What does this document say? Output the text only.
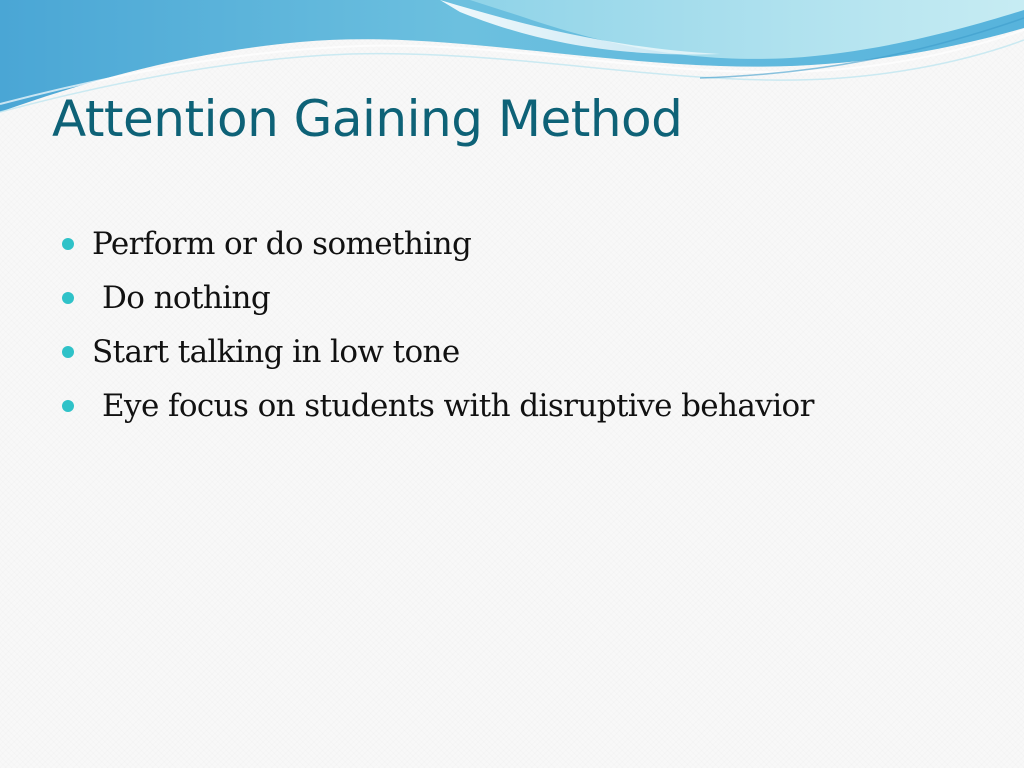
Attention Gaining Method
Perform or do something
Do nothing
Start talking in low tone
Eye focus on students with disruptive behavior
